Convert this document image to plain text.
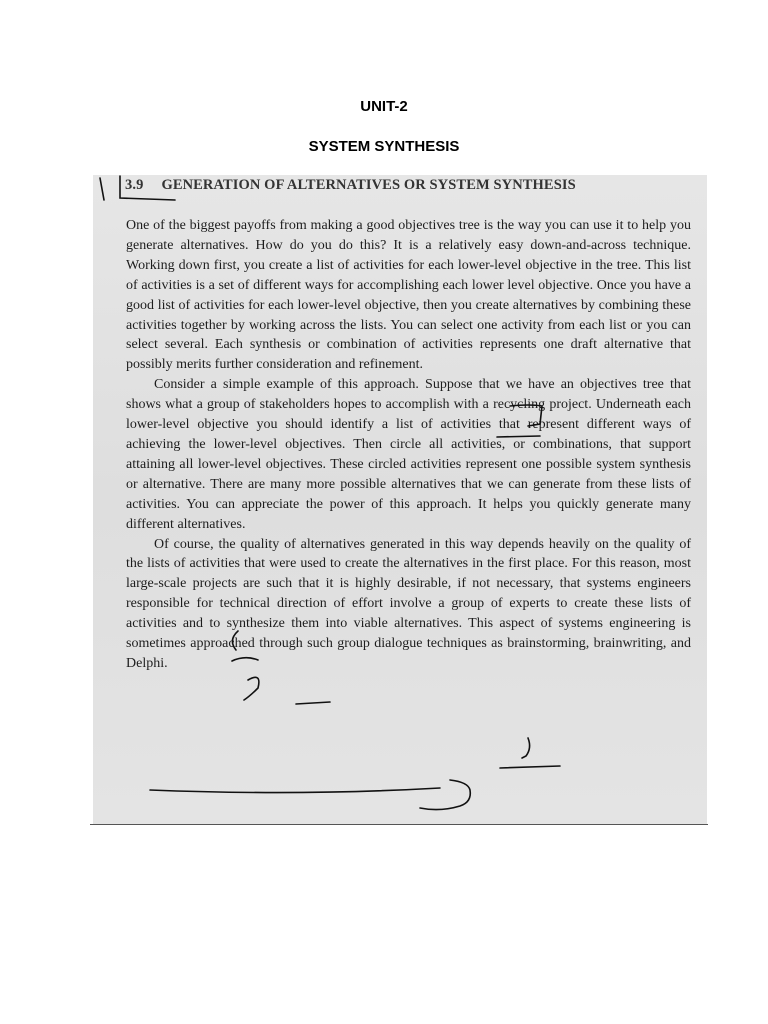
UNIT-2
SYSTEM SYNTHESIS
3.9 GENERATION OF ALTERNATIVES OR SYSTEM SYNTHESIS

One of the biggest payoffs from making a good objectives tree is the way you can use it to help you generate alternatives. How do you do this? It is a relatively easy down-and-across technique. Working down first, you create a list of activities for each lower-level objective in the tree. This list of activities is a set of different ways for accomplishing each lower level objective. Once you have a good list of activities for each lower-level objective, then you create alternatives by combining these activities together by working across the lists. You can select one activity from each list or you can select several. Each synthesis or combination of activities represents one draft alternative that possibly merits further consideration and refinement.

Consider a simple example of this approach. Suppose that we have an objectives tree that shows what a group of stakeholders hopes to accomplish with a recycling project. Underneath each lower-level objective you should identify a list of activities that represent different ways of achieving the lower-level objectives. Then circle all activities, or combinations, that support attaining all lower-level objectives. These circled activities represent one possible system synthesis or alternative. There are many more possible alternatives that we can generate from these lists of activities. You can appreciate the power of this approach. It helps you quickly generate many different alternatives.

Of course, the quality of alternatives generated in this way depends heavily on the quality of the lists of activities that were used to create the alternatives in the first place. For this reason, most large-scale projects are such that it is highly desirable, if not necessary, that systems engineers responsible for technical direction of effort involve a group of experts to create these lists of activities and to synthesize them into viable alternatives. This aspect of systems engineering is sometimes approached through such group dialogue techniques as brainstorming, brainwriting, and Delphi.
